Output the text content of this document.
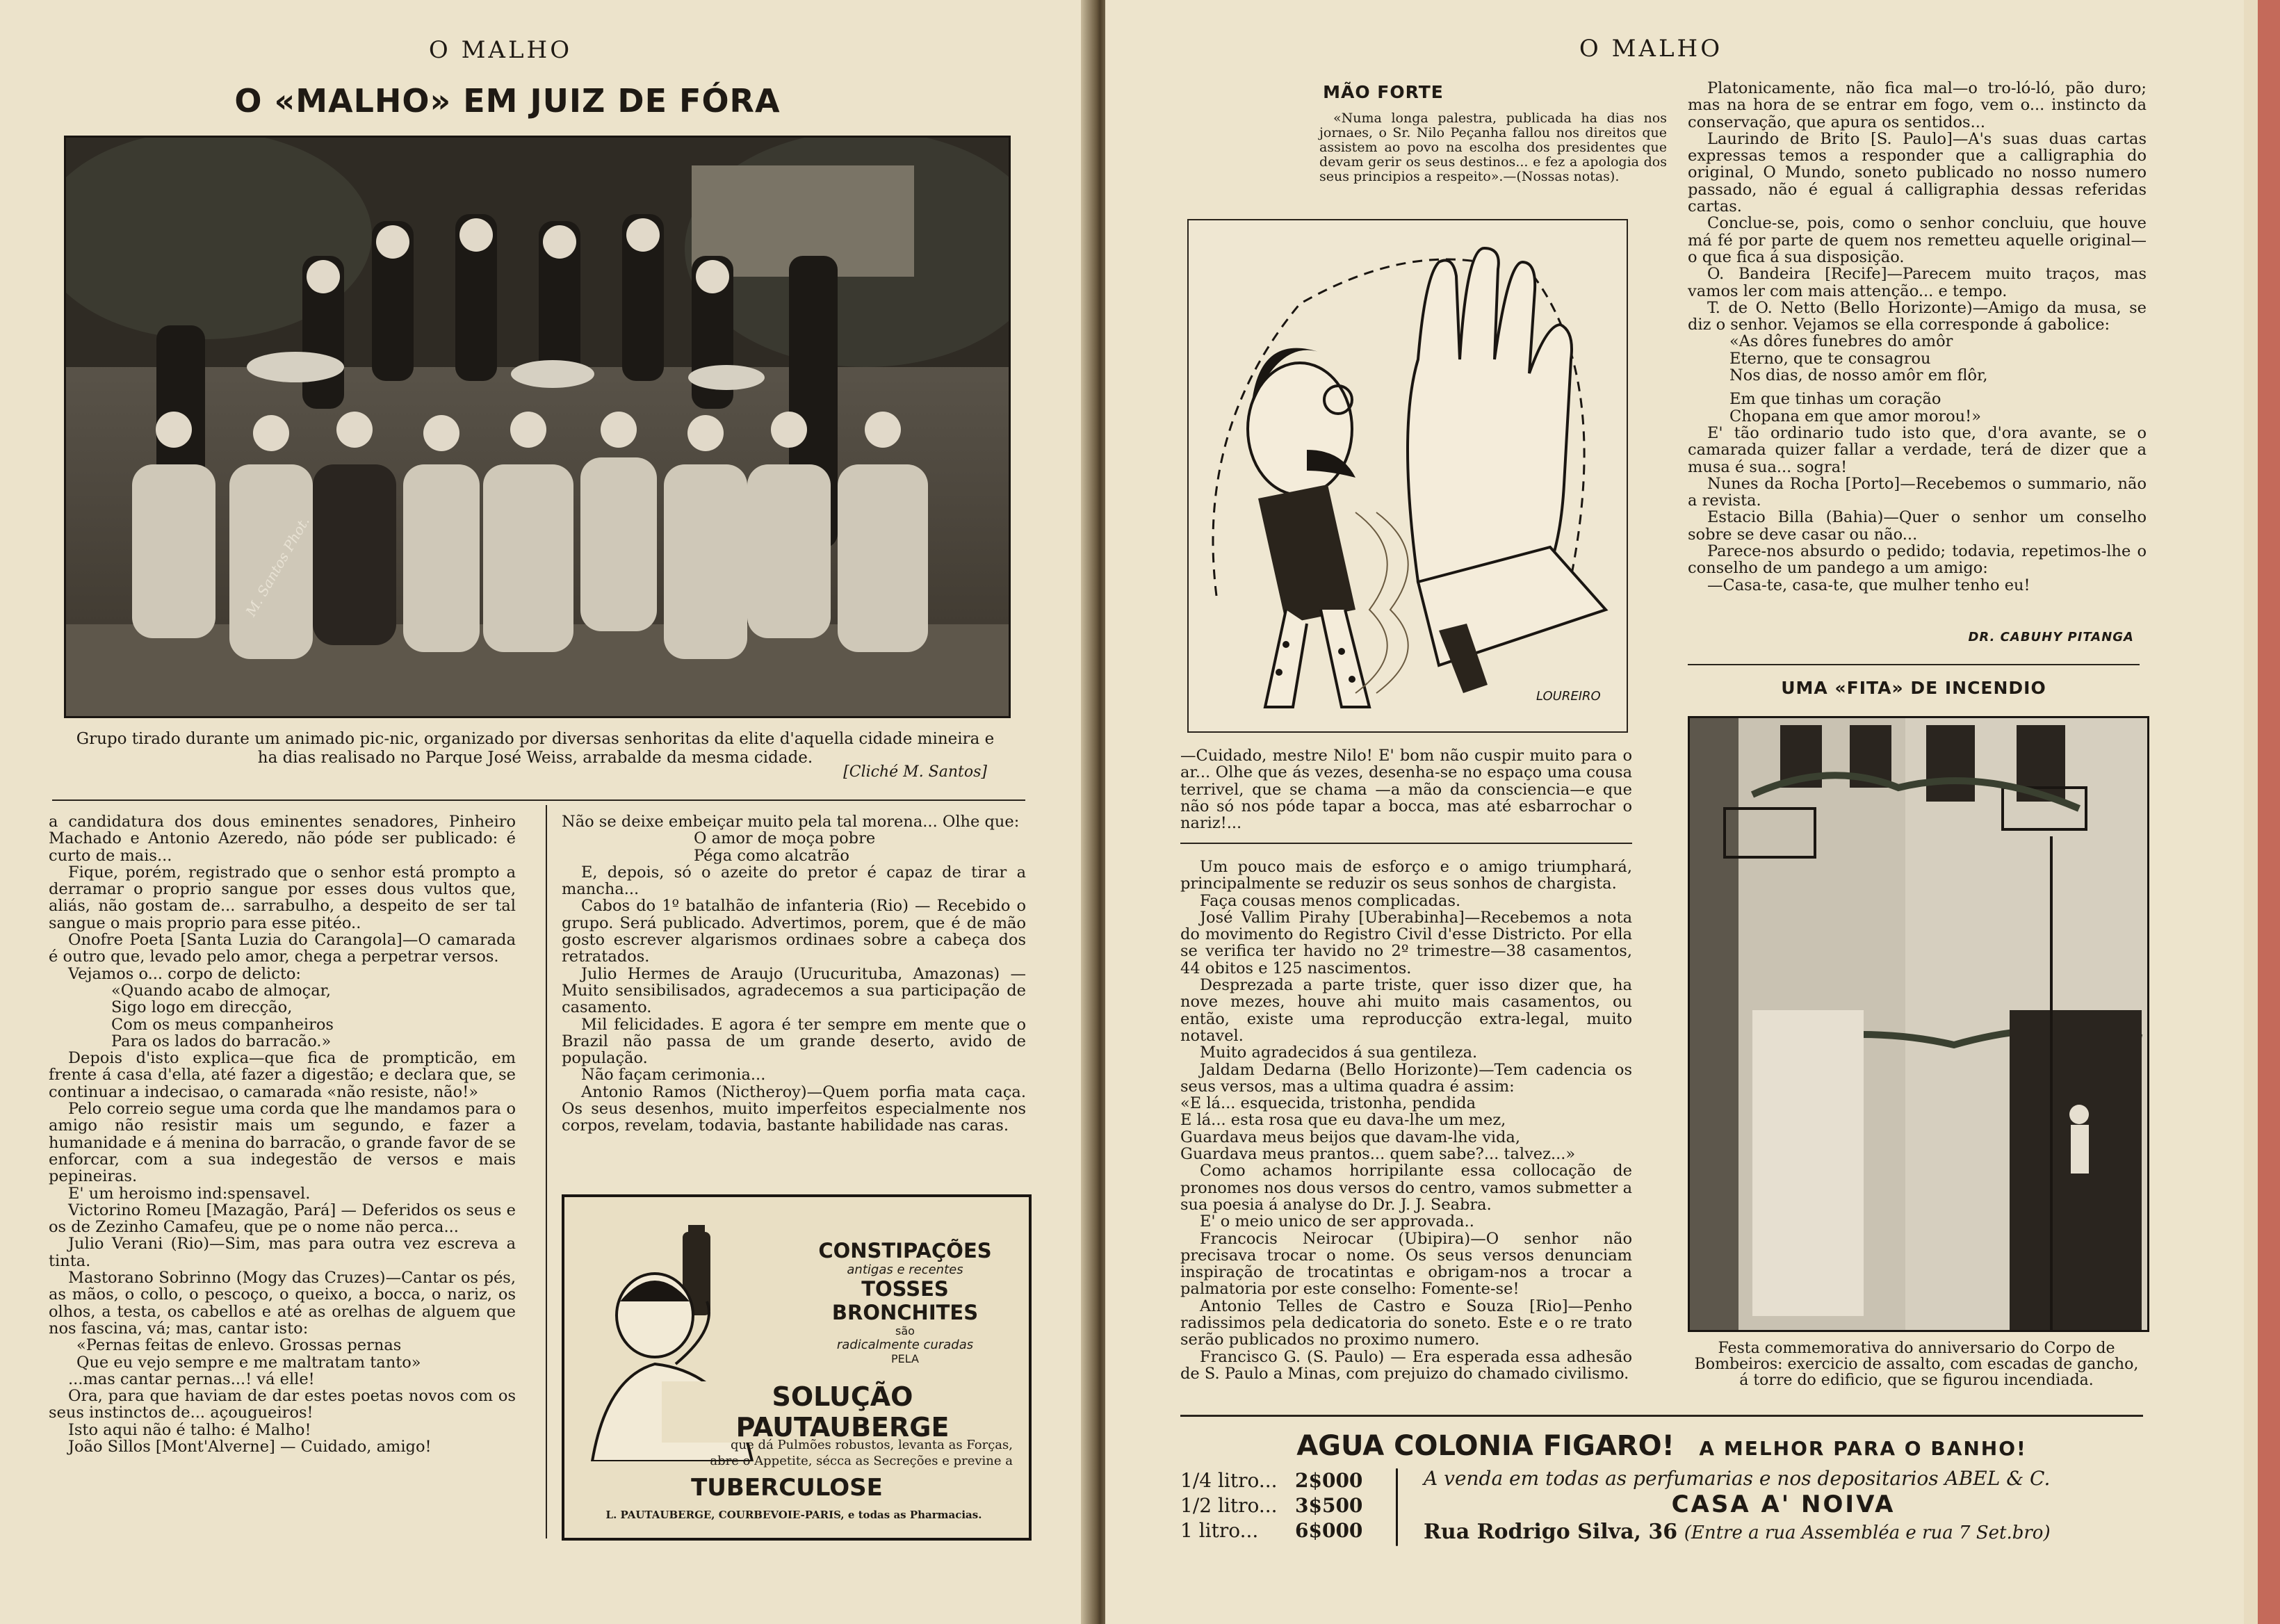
O MALHO
O «MALHO» EM JUIZ DE FÓRA
M. Santos Phot.
Grupo tirado durante um animado pic-nic, organizado por diversas senhoritas da elite d'aquella cidade mineira e
ha dias realisado no Parque José Weiss, arrabalde da mesma cidade.
[Cliché M. Santos]

a candidatura dos dous eminentes senadores, Pinheiro Machado e Antonio Azeredo, não póde ser publicado: é curto de mais...

Fique, porém, registrado que o senhor está prompto a derramar o proprio sangue por esses dous vultos que, aliás, não gostam de... sarrabulho, a despeito de ser tal sangue o mais proprio para esse pitéo..

Onofre Poeta [Santa Luzia do Carangola]—O camarada é outro que, levado pelo amor, chega a perpetrar versos.

Vejamos o... corpo de delicto:

«Quando acabo de almoçar,

Sigo logo em direcção,

Com os meus companheiros

Para os lados do barracão.»

Depois d'isto explica—que fica de prompticão, em frente á casa d'ella, até fazer a digestão; e declara que, se continuar a indecisao, o camarada «não resiste, não!»

Pelo correio segue uma corda que lhe mandamos para o amigo não resistir mais um segundo, e fazer a humanidade e á menina do barracão, o grande favor de se enforcar, com a sua indegestão de versos e mais pepineiras.

E' um heroismo ind:spensavel.

Victorino Romeu [Mazagão, Pará] — Deferidos os seus e os de Zezinho Camafeu, que pe o nome não perca...

Julio Verani (Rio)—Sim, mas para outra vez escreva a tinta.

Mastorano Sobrinno (Mogy das Cruzes)—Cantar os pés, as mãos, o collo, o pescoço, o queixo, a bocca, o nariz, os olhos, a testa, os cabellos e até as orelhas de alguem que nos fascina, vá; mas, cantar isto:

«Pernas feitas de enlevo. Grossas pernas

Que eu vejo sempre e me maltratam tanto»

...mas cantar pernas...! vá elle!

Ora, para que haviam de dar estes poetas novos com os seus instinctos de... açougueiros!

Isto aqui não é talho: é Malho!

João Sillos [Mont'Alverne] — Cuidado, amigo!

Não se deixe embeiçar muito pela tal morena... Olhe que:

O amor de moça pobre

Péga como alcatrão

E, depois, só o azeite do pretor é capaz de tirar a mancha...

Cabos do 1º batalhão de infanteria (Rio) — Recebido o grupo. Será publicado. Advertimos, porem, que é de mão gosto escrever algarismos ordinaes sobre a cabeça dos retratados.

Julio Hermes de Araujo (Urucurituba, Amazonas) — Muito sensibilisados, agradecemos a sua participação de casamento.

Mil felicidades. E agora é ter sempre em mente que o Brazil não passa de um grande deserto, avido de população.

Não façam cerimonia...

Antonio Ramos (Nictheroy)—Quem porfia mata caça. Os seus desenhos, muito imperfeitos especialmente nos corpos, revelam, todavia, bastante habilidade nas caras.

CONSTIPAÇÕES
antigas e recentes
TOSSES
BRONCHITES
são
radicalmente curadas
PELA
SOLUÇÃO PAUTAUBERGE
que dá Pulmões robustos, levanta as Forças,
abre o Appetite, sécca as Secreções e previne a
TUBERCULOSE
L. PAUTAUBERGE, COURBEVOIE-PARIS, e todas as Pharmacias.
O MALHO
MÃO FORTE
«Numa longa palestra, publicada ha dias nos jornaes, o Sr. Nilo Peçanha fallou nos direitos que assistem ao povo na escolha dos presidentes que devam gerir os seus destinos... e fez a apologia dos seus principios a respeito».—(Nossas notas).
LOUREIRO
—Cuidado, mestre Nilo! E' bom não cuspir muito para o ar... Olhe que ás vezes, desenha-se no espaço uma cousa terrivel, que se chama —a mão da consciencia—e que não só nos póde tapar a bocca, mas até esbarrochar o nariz!...

Um pouco mais de esforço e o amigo triumphará, principalmente se reduzir os seus sonhos de chargista.

Faça cousas menos complicadas.

José Vallim Pirahy [Uberabinha]—Recebemos a nota do movimento do Registro Civil d'esse Districto. Por ella se verifica ter havido no 2º trimestre—38 casamentos, 44 obitos e 125 nascimentos.

Desprezada a parte triste, quer isso dizer que, ha nove mezes, houve ahi muito mais casamentos, ou então, existe uma reproducção extra-legal, muito notavel.

Muito agradecidos á sua gentileza.

Jaldam Dedarna (Bello Horizonte)—Tem cadencia os seus versos, mas a ultima quadra é assim:

«E lá... esquecida, tristonha, pendida

E lá... esta rosa que eu dava-lhe um mez,

Guardava meus beijos que davam-lhe vida,

Guardava meus prantos... quem sabe?... talvez...»

Como achamos horripilante essa collocação de pronomes nos dous versos do centro, vamos submetter a sua poesia á analyse do Dr. J. J. Seabra.

E' o meio unico de ser approvada..

Francocis Neirocar (Ubipira)—O senhor não precisava trocar o nome. Os seus versos denunciam inspiração de trocatintas e obrigam-nos a trocar a palmatoria por este conselho: Fomente-se!

Antonio Telles de Castro e Souza [Rio]—Penho radissimos pela dedicatoria do soneto. Este e o re trato serão publicados no proximo numero.

Francisco G. (S. Paulo) — Era esperada essa adhesão de S. Paulo a Minas, com prejuizo do chamado civilismo.

Platonicamente, não fica mal—o tro-ló-ló, pão duro; mas na hora de se entrar em fogo, vem o... instincto da conservação, que apura os sentidos...

Laurindo de Brito [S. Paulo]—A's suas duas cartas expressas temos a responder que a calligraphia do original, O Mundo, soneto publicado no nosso numero passado, não é egual á calligraphia dessas referidas cartas.

Conclue-se, pois, como o senhor concluiu, que houve má fé por parte de quem nos remetteu aquelle original—o que fica á sua disposição.

O. Bandeira [Recife]—Parecem muito traços, mas vamos ler com mais attenção... e tempo.

T. de O. Netto (Bello Horizonte)—Amigo da musa, se diz o senhor. Vejamos se ella corresponde á gabolice:

«As dôres funebres do amôr

Eterno, que te consagrou

Nos dias, de nosso amôr em flôr,

Em que tinhas um coração

Chopana em que amor morou!»

E' tão ordinario tudo isto que, d'ora avante, se o camarada quizer fallar a verdade, terá de dizer que a musa é sua... sogra!

Nunes da Rocha [Porto]—Recebemos o summario, não a revista.

Estacio Billa (Bahia)—Quer o senhor um conselho sobre se deve casar ou não...

Parece-nos absurdo o pedido; todavia, repetimos-lhe o conselho de um pandego a um amigo:

—Casa-te, casa-te, que mulher tenho eu!

DR. CABUHY PITANGA
UMA «FITA» DE INCENDIO
Festa commemorativa do anniversario do Corpo de Bombeiros: exercicio de assalto, com escadas de gancho, á torre do edificio, que se figurou incendiada.
AGUA COLONIA FIGARO! A MELHOR PARA O BANHO!
1/4 litro... 2$000
1/2 litro... 3$500
1 litro... 6$000
A venda em todas as perfumarias e nos depositarios ABEL & C.
CASA A' NOIVA
Rua Rodrigo Silva, 36 (Entre a rua Assembléa e rua 7 Set.bro)
